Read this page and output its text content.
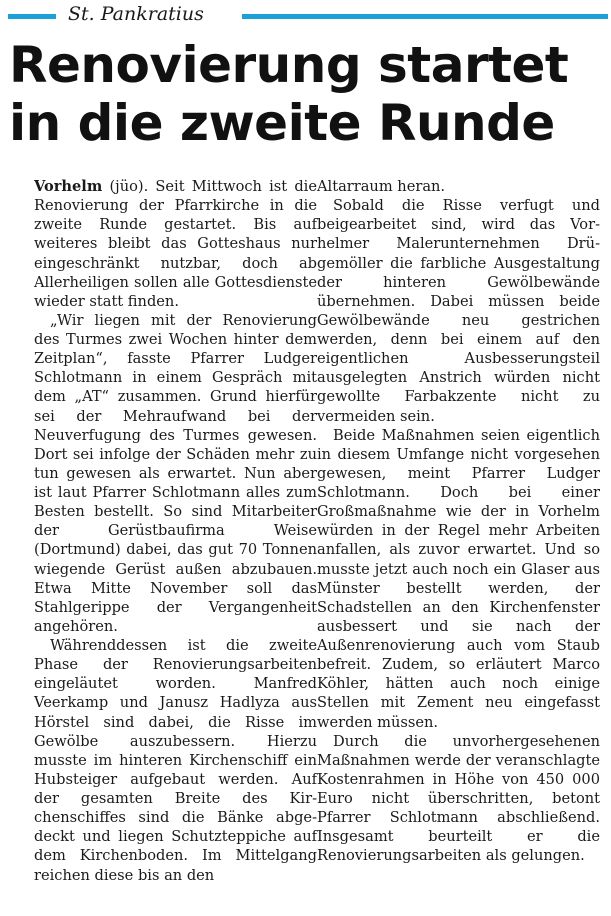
St. Pankratius
Renovierung startet
in die zweite Runde

Vorhelm (jüo). Seit Mittwoch ist die Renovierung der Pfarrkirche in die zweite Runde gestartet. Bis auf weiteres bleibt das Gotteshaus nur eingeschränkt nutzbar, doch ab Allerheiligen sollen alle Gottesdienste wieder statt finden.

„Wir liegen mit der Renovierung des Turmes zwei Wochen hinter dem Zeitplan“, fasste Pfarrer Ludger Schlotmann in einem Gespräch mit dem „AT“ zusammen. Grund hierfür sei der Mehraufwand bei der Neuverfugung des Turmes gewesen. Dort sei infolge der Schäden mehr zu tun gewesen als erwartet. Nun aber ist laut Pfarrer Schlotmann alles zum Besten bestellt. So sind Mitarbeiter der Gerüstbaufirma Weise (Dortmund) dabei, das gut 70 Tonnen wiegende Gerüst außen abzubauen. Etwa Mitte November soll das Stahlgerippe der Vergangenheit angehören.

Währenddessen ist die zweite Phase der Renovierungsarbeiten eingeläutet worden. Manfred Veerkamp und Janusz Hadlyza aus Hörstel sind dabei, die Risse im Gewölbe auszubessern. Hierzu musste im hinteren Kirchenschiff ein Hubsteiger aufgebaut werden. Auf der gesamten Breite des Kirchenschiffes sind die Bänke abgedeckt und liegen Schutzteppiche auf dem Kirchenboden. Im Mittelgang reichen diese bis an den

Altarraum heran.

Sobald die Risse verfugt und beigearbeitet sind, wird das Vorhelmer Malerunternehmen Drügemöller die farbliche Ausgestaltung der hinteren Gewölbewände übernehmen. Dabei müssen beide Gewölbewände neu gestrichen werden, denn bei einem auf den eigentlichen Ausbesserungsteil ausgelegten Anstrich würden nicht gewollte Farbakzente nicht zu vermeiden sein.

Beide Maßnahmen seien eigentlich in diesem Umfange nicht vorgesehen gewesen, meint Pfarrer Ludger Schlotmann. Doch bei einer Großmaßnahme wie der in Vorhelm würden in der Regel mehr Arbeiten anfallen, als zuvor erwartet. Und so musste jetzt auch noch ein Glaser aus Münster bestellt werden, der Schadstellen an den Kirchenfenster ausbessert und sie nach der Außenrenovierung auch vom Staub befreit. Zudem, so erläutert Marco Köhler, hätten auch noch einige Stellen mit Zement neu eingefasst werden müssen.

Durch die unvorhergesehenen Maßnahmen werde der veranschlagte Kostenrahmen in Höhe von 450 000 Euro nicht überschritten, betont Pfarrer Schlotmann abschließend. Insgesamt beurteilt er die Renovierungsarbeiten als gelungen.
